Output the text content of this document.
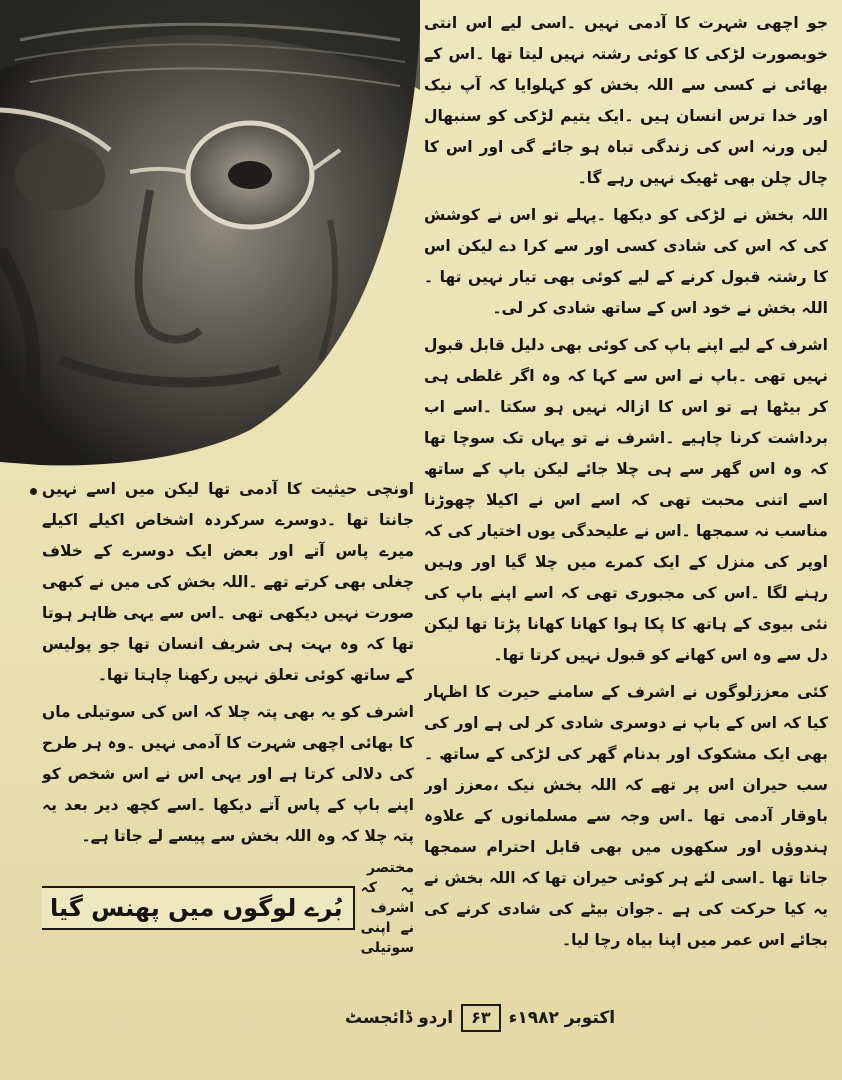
جو اچھی شہرت کا آدمی نہیں ۔اسی لیے اس انتی خوبصورت لڑکی کا کوئی رشتہ نہیں لیتا تھا ۔اس کے بھائی نے کسی سے اللہ بخش کو کہلوایا کہ آپ نیک اور خدا ترس انسان ہیں ۔ایک یتیم لڑکی کو سنبھال لیں ورنہ اس کی زندگی تباہ ہو جائے گی اور اس کا چال چلن بھی ٹھیک نہیں رہے گا۔

اللہ بخش نے لڑکی کو دیکھا ۔پہلے تو اس نے کوشش کی کہ اس کی شادی کسی اور سے کرا دے لیکن اس کا رشتہ قبول کرنے کے لیے کوئی بھی تیار نہیں تھا ۔اللہ بخش نے خود اس کے ساتھ شادی کر لی۔

اشرف کے لیے اپنے باپ کی کوئی بھی دلیل قابل قبول نہیں تھی ۔باپ نے اس سے کہا کہ وہ اگر غلطی ہی کر بیٹھا ہے تو اس کا ازالہ نہیں ہو سکتا ۔اسے اب برداشت کرنا چاہیے ۔اشرف نے تو یہاں تک سوچا تھا کہ وہ اس گھر سے ہی چلا جائے لیکن باپ کے ساتھ اسے اتنی محبت تھی کہ اسے اس نے اکیلا چھوڑنا مناسب نہ سمجھا ۔اس نے علیحدگی یوں اختیار کی کہ اوپر کی منزل کے ایک کمرے میں چلا گیا اور وہیں رہنے لگا ۔اس کی مجبوری تھی کہ اسے اپنے باپ کی نئی بیوی کے ہاتھ کا پکا ہوا کھانا کھانا پڑتا تھا لیکن دل سے وہ اس کھانے کو قبول نہیں کرتا تھا۔

کئی معززلوگوں نے اشرف کے سامنے حیرت کا اظہار کیا کہ اس کے باپ نے دوسری شادی کر لی ہے اور کی بھی ایک مشکوک اور بدنام گھر کی لڑکی کے ساتھ ۔سب حیران اس پر تھے کہ اللہ بخش نیک ،معزز اور باوقار آدمی تھا ۔اس وجہ سے مسلمانوں کے علاوہ ہندوؤں اور سکھوں میں بھی قابل احترام سمجھا جاتا تھا ۔اسی لئے ہر کوئی حیران تھا کہ اللہ بخش نے یہ کیا حرکت کی ہے ۔جوان بیٹے کی شادی کرنے کی بجائے اس عمر میں اپنا بیاہ رچا لیا۔

اونچی حیثیت کا آدمی تھا لیکن میں اسے نہیں جانتا تھا ۔دوسرے سرکردہ اشخاص اکیلے اکیلے میرے پاس آتے اور بعض ایک دوسرے کے خلاف چغلی بھی کرتے تھے ۔اللہ بخش کی میں نے کبھی صورت نہیں دیکھی تھی ۔اس سے یہی ظاہر ہوتا تھا کہ وہ بہت ہی شریف انسان تھا جو پولیس کے ساتھ کوئی تعلق نہیں رکھنا چاہتا تھا۔

اشرف کو یہ بھی پتہ چلا کہ اس کی سوتیلی ماں کا بھائی اچھی شہرت کا آدمی نہیں ۔وہ ہر طرح کی دلالی کرتا ہے اور یہی اس نے اس شخص کو اپنے باپ کے پاس آتے دیکھا ۔اسے کچھ دیر بعد یہ پتہ چلا کہ وہ اللہ بخش سے پیسے لے جاتا ہے۔

مختصر یہ کہ اشرف نے اپنی سوتیلی
بُرے لوگوں میں پھنس گیا

اردو ڈائجسٹ	۶۳	اکتوبر ۱۹۸۲ء
